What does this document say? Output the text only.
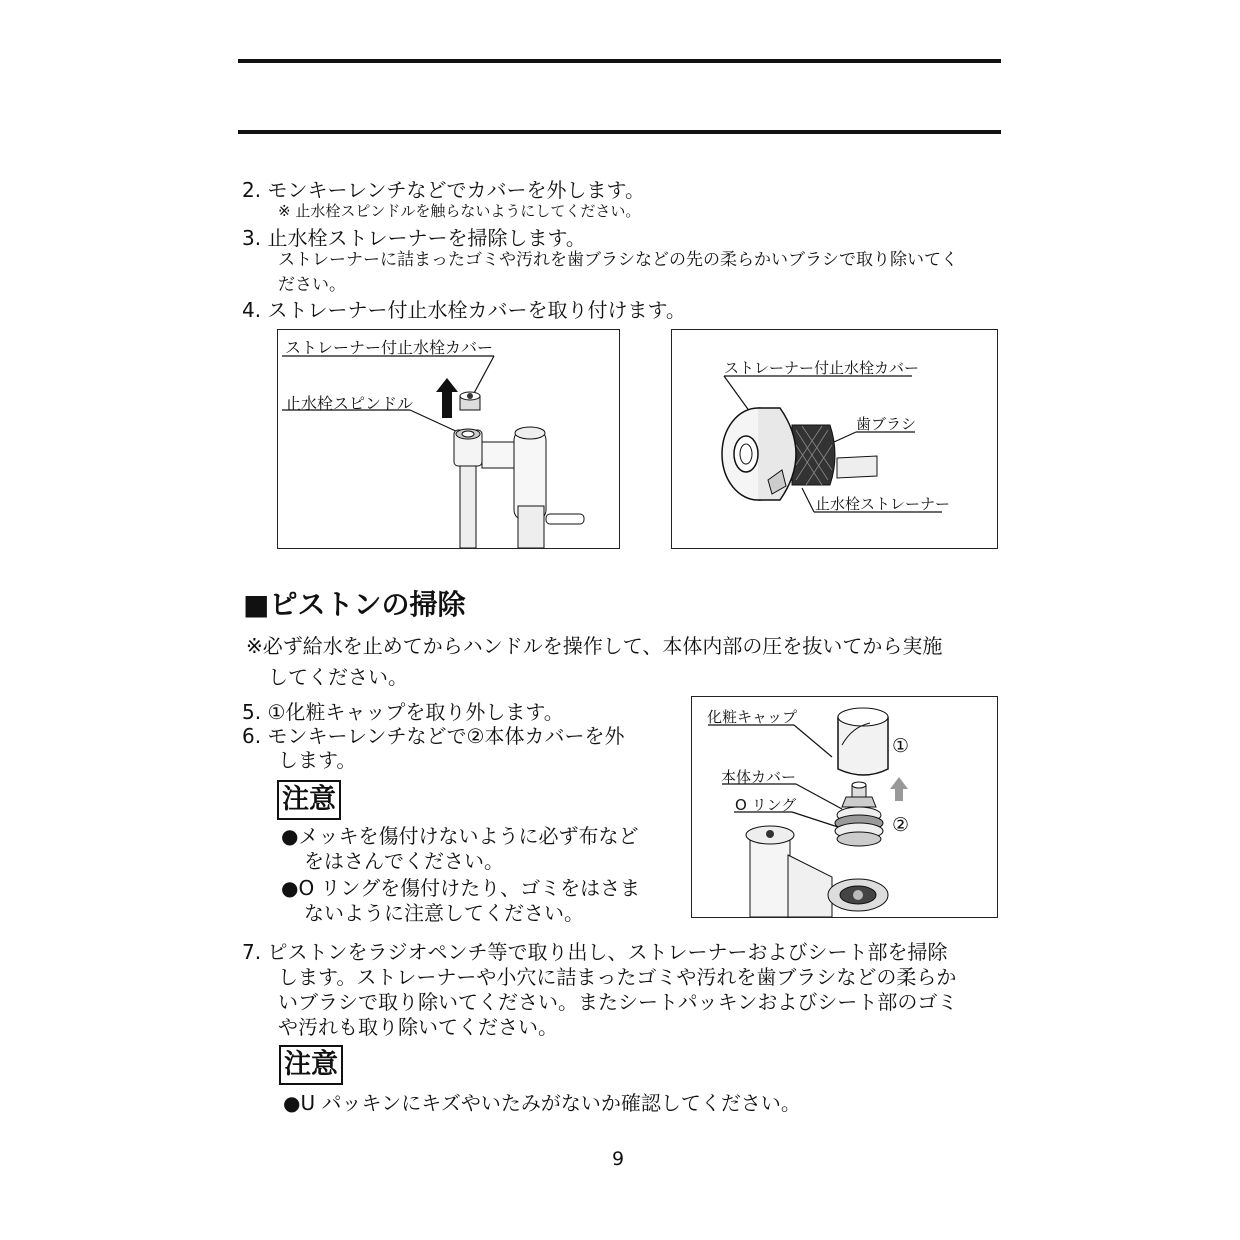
2. モンキーレンチなどでカバーを外します。
※ 止水栓スピンドルを触らないようにしてください。
3. 止水栓ストレーナーを掃除します。
ストレーナーに詰まったゴミや汚れを歯ブラシなどの先の柔らかいブラシで取り除いてく
ださい。
4. ストレーナー付止水栓カバーを取り付けます。
ストレーナー付止水栓カバー
止水栓スピンドル
ストレーナー付止水栓カバー
歯ブラシ
止水栓ストレーナー
■ピストンの掃除
※必ず給水を止めてからハンドルを操作して、本体内部の圧を抜いてから実施
してください。
5. ①化粧キャップを取り外します。
6. モンキーレンチなどで②本体カバーを外
します。
注意
●メッキを傷付けないように必ず布など
をはさんでください。
●O リングを傷付けたり、ゴミをはさま
ないように注意してください。
化粧キャップ
本体カバー
O リング
①
②
7. ピストンをラジオペンチ等で取り出し、ストレーナーおよびシート部を掃除
します。ストレーナーや小穴に詰まったゴミや汚れを歯ブラシなどの柔らか
いブラシで取り除いてください。またシートパッキンおよびシート部のゴミ
や汚れも取り除いてください。
注意
●U パッキンにキズやいたみがないか確認してください。
9
